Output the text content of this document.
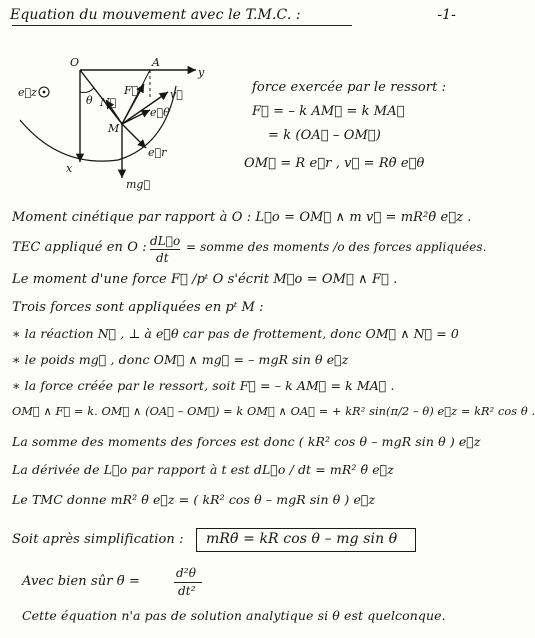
Equation du mouvement avec le T.M.C. :	-1-
O	A
y
x
e⃗z
θ N⃗
F⃗	v⃗
M
e⃗θ
e⃗r
mg⃗
force exercée par le ressort :
F⃗ = – k AM⃗ = k MA⃗
= k (OA⃗ – OM⃗)
OM⃗ = R e⃗r , v⃗ = Rθ̇ e⃗θ
Moment cinétique par rapport à O : L⃗o = OM⃗ ∧ m v⃗ = mR²θ̇ e⃗z .
TEC appliqué en O : dL⃗o
dt
= somme des moments /o des forces appliquées.
Le moment d'une force F⃗ /pᵗ O s'écrit M⃗o = OM⃗ ∧ F⃗ .
Trois forces sont appliquées en pᵗ M :
∗ la réaction N⃗ , ⊥ à e⃗θ car pas de frottement, donc OM⃗ ∧ N⃗ = 0
∗ le poids mg⃗ , donc OM⃗ ∧ mg⃗ = – mgR sin θ e⃗z
∗ la force créée par le ressort, soit F⃗ = – k AM⃗ = k MA⃗ .
OM⃗ ∧ F⃗ = k. OM⃗ ∧ (OA⃗ – OM⃗) = k OM⃗ ∧ OA⃗ = + kR² sin(π/2 – θ) e⃗z = kR² cos θ .
La somme des moments des forces est donc ( kR² cos θ – mgR sin θ ) e⃗z
La dérivée de L⃗o par rapport à t est dL⃗o / dt = mR² θ̈ e⃗z
Le TMC donne mR² θ̈ e⃗z = ( kR² cos θ – mgR sin θ ) e⃗z
Soit après simplification : mRθ̈ = kR cos θ – mg sin θ
Avec bien sûr θ̈ =
d²θ
dt²
Cette équation n'a pas de solution analytique si θ est quelconque.
